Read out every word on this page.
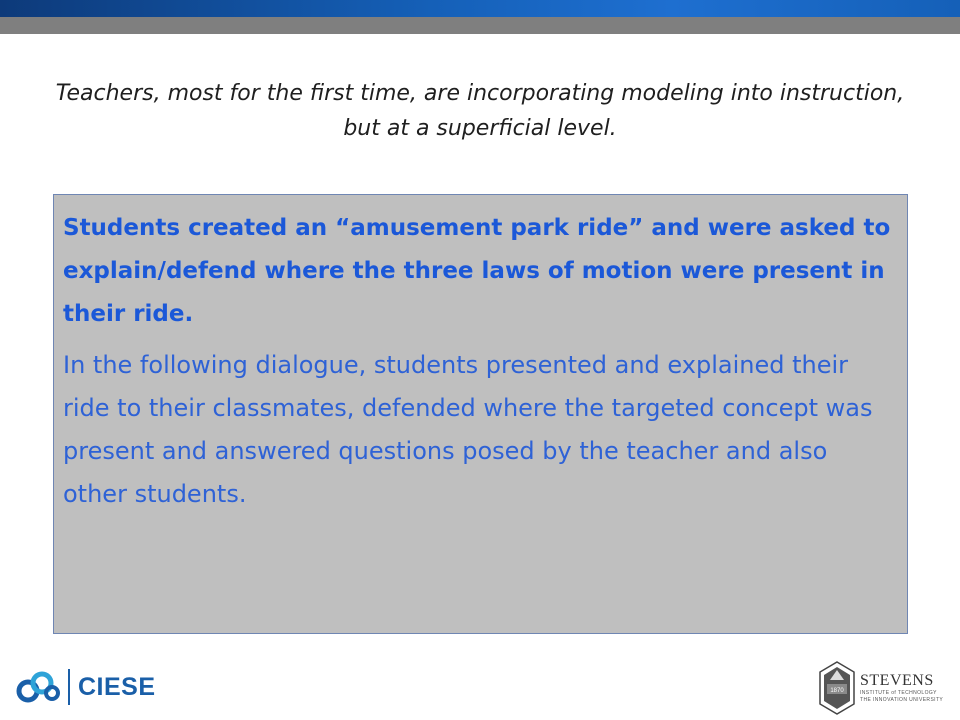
Teachers, most for the first time, are incorporating modeling into instruction, but at a superficial level.

Students created an “amusement park ride” and were asked to explain/defend where the three laws of motion were present in their ride.

In the following dialogue, students presented and explained their ride to their classmates, defended where the targeted concept was present and answered questions posed by the teacher and also other students.

CIESE	1870
STEVENS
INSTITUTE of TECHNOLOGY
THE INNOVATION UNIVERSITY
